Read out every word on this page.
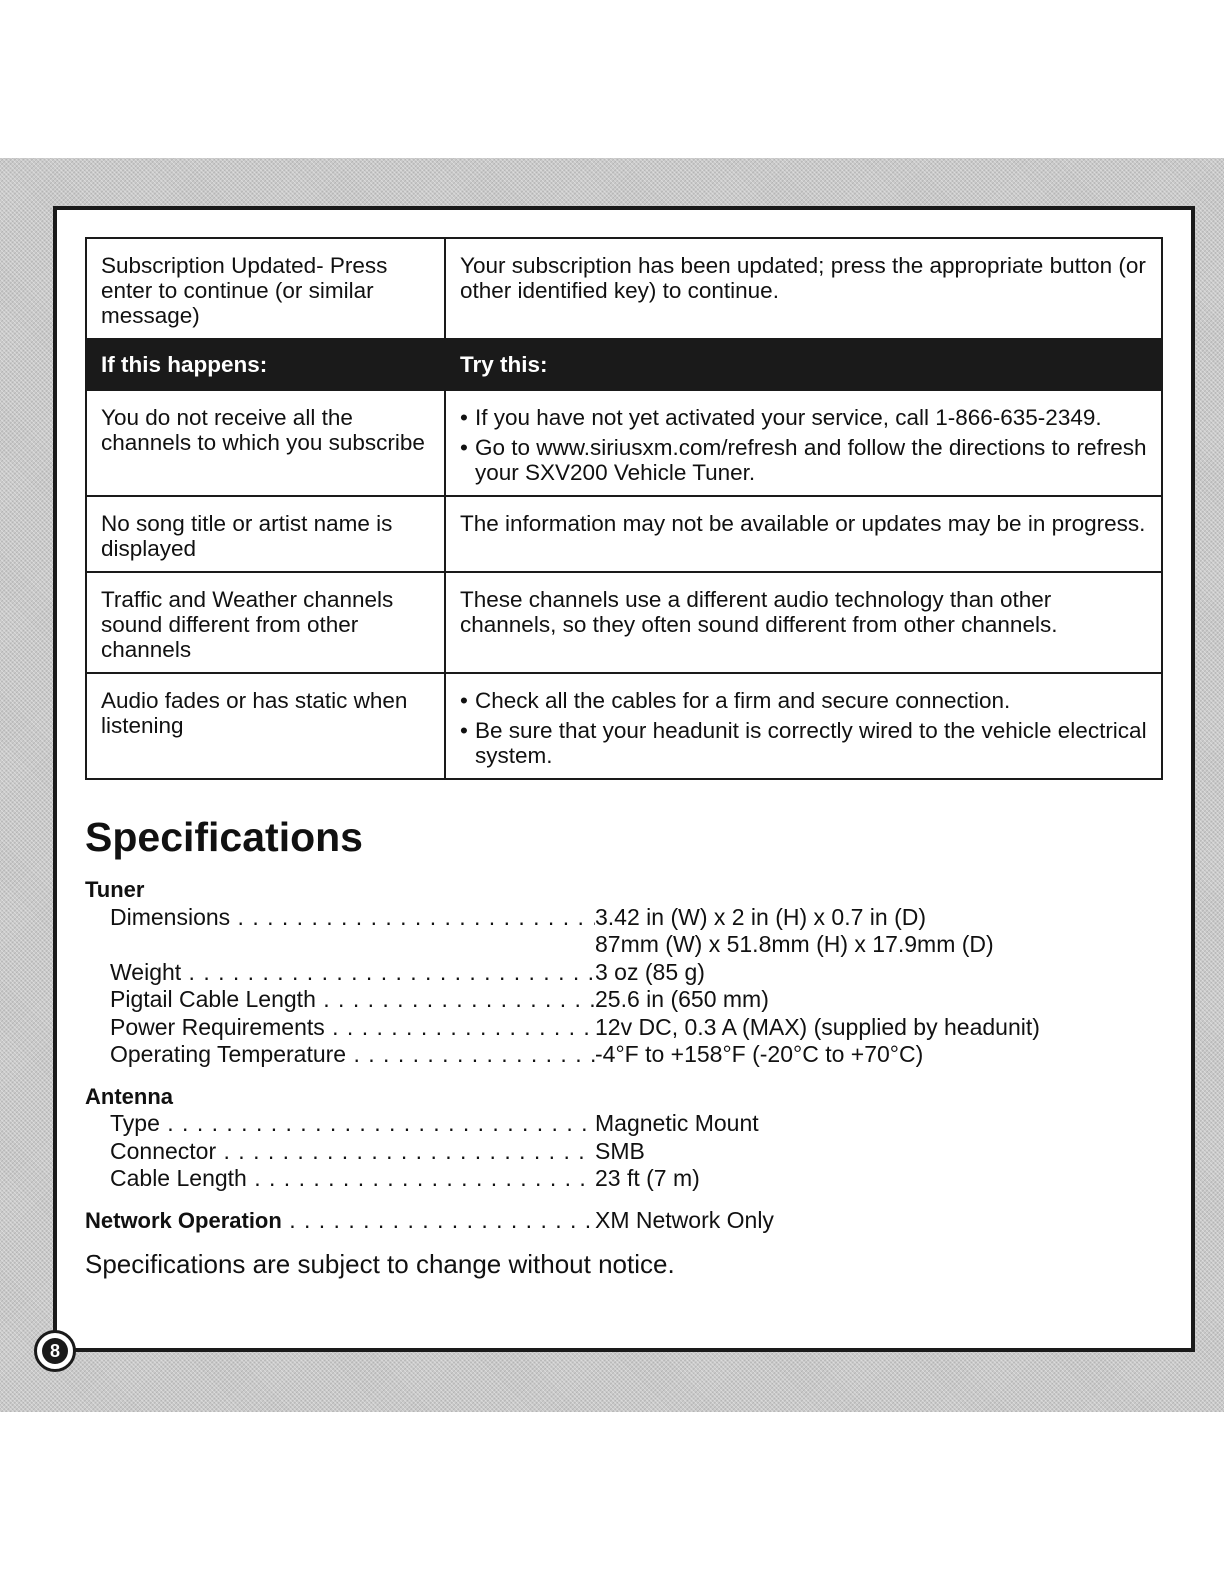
Subscription Updated- Press enter to continue (or similar message)	Your subscription has been updated; press the appropriate button (or other identified key) to continue.
If this happens:	Try this:
You do not receive all the channels to which you subscribe	• If you have not yet activated your service, call 1-866-635-2349.
• Go to www.siriusxm.com/refresh and follow the directions to refresh your SXV200 Vehicle Tuner.

No song title or artist name is displayed	The information may not be available or updates may be in progress.
Traffic and Weather channels sound different from other channels	These channels use a different audio technology than other channels, so they often sound different from other channels.
Audio fades or has static when listening	• Check all the cables for a firm and secure connection.
• Be sure that your headunit is correctly wired to the vehicle electrical system.
Specifications
Tuner
Dimensions . . .	3.42 in (W) x 2 in (H) x 0.7 in (D)
87mm (W) x 51.8mm (H) x 17.9mm (D)
Weight . . .	3 oz (85 g)
Pigtail Cable Length . . .	25.6 in (650 mm)
Power Requirements . . .	12v DC, 0.3 A (MAX) (supplied by headunit)
Operating Temperature . . .	-4°F to +158°F (-20°C to +70°C)
Antenna
Type . . .	Magnetic Mount
Connector . . .	SMB
Cable Length . . .	23 ft (7 m)
Network Operation . . .	XM Network Only
Specifications are subject to change without notice.
8
